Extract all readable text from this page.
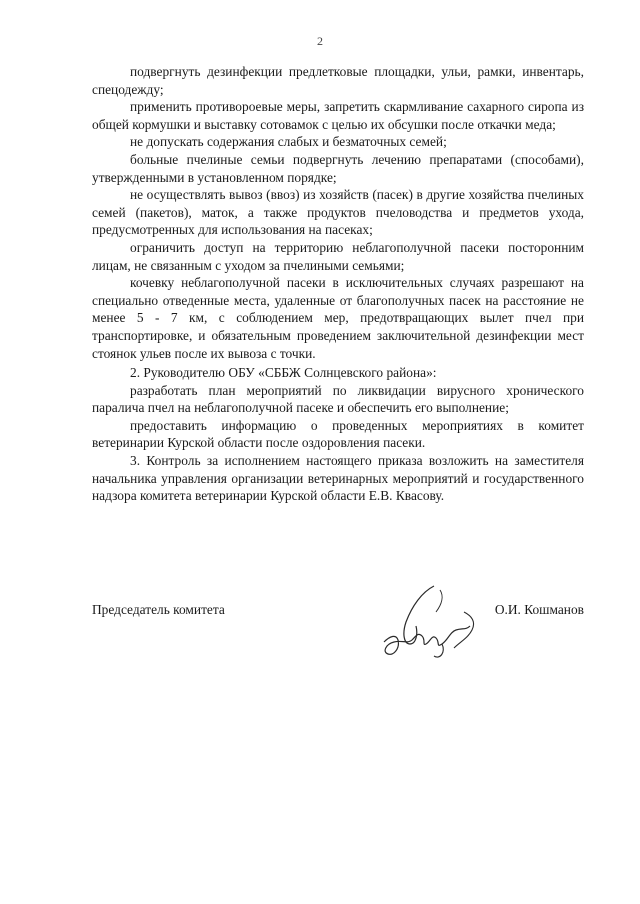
2

подвергнуть дезинфекции предлетковые площадки, ульи, рамки, инвентарь, спецодежду;

применить противороевые меры, запретить скармливание сахарного сиропа из общей кормушки и выставку сотовамок с целью их обсушки после откачки меда;

не допускать содержания слабых и безматочных семей;

больные пчелиные семьи подвергнуть лечению препаратами (способами), утвержденными в установленном порядке;

не осуществлять вывоз (ввоз) из хозяйств (пасек) в другие хозяйства пчелиных семей (пакетов), маток, а также продуктов пчеловодства и предметов ухода, предусмотренных для использования на пасеках;

ограничить доступ на территорию неблагополучной пасеки посторонним лицам, не связанным с уходом за пчелиными семьями;

кочевку неблагополучной пасеки в исключительных случаях разрешают на специально отведенные места, удаленные от благополучных пасек на расстояние не менее 5 - 7 км, с соблюдением мер, предотвращающих вылет пчел при транспортировке, и обязательным проведением заключительной дезинфекции мест стоянок ульев после их вывоза с точки.

2. Руководителю ОБУ «СББЖ Солнцевского района»:

разработать план мероприятий по ликвидации вирусного хронического паралича пчел на неблагополучной пасеке и обеспечить его выполнение;

предоставить информацию о проведенных мероприятиях в комитет ветеринарии Курской области после оздоровления пасеки.

3. Контроль за исполнением настоящего приказа возложить на заместителя начальника управления организации ветеринарных мероприятий и государственного надзора комитета ветеринарии Курской области Е.В. Квасову.

Председатель комитета	О.И. Кошманов
